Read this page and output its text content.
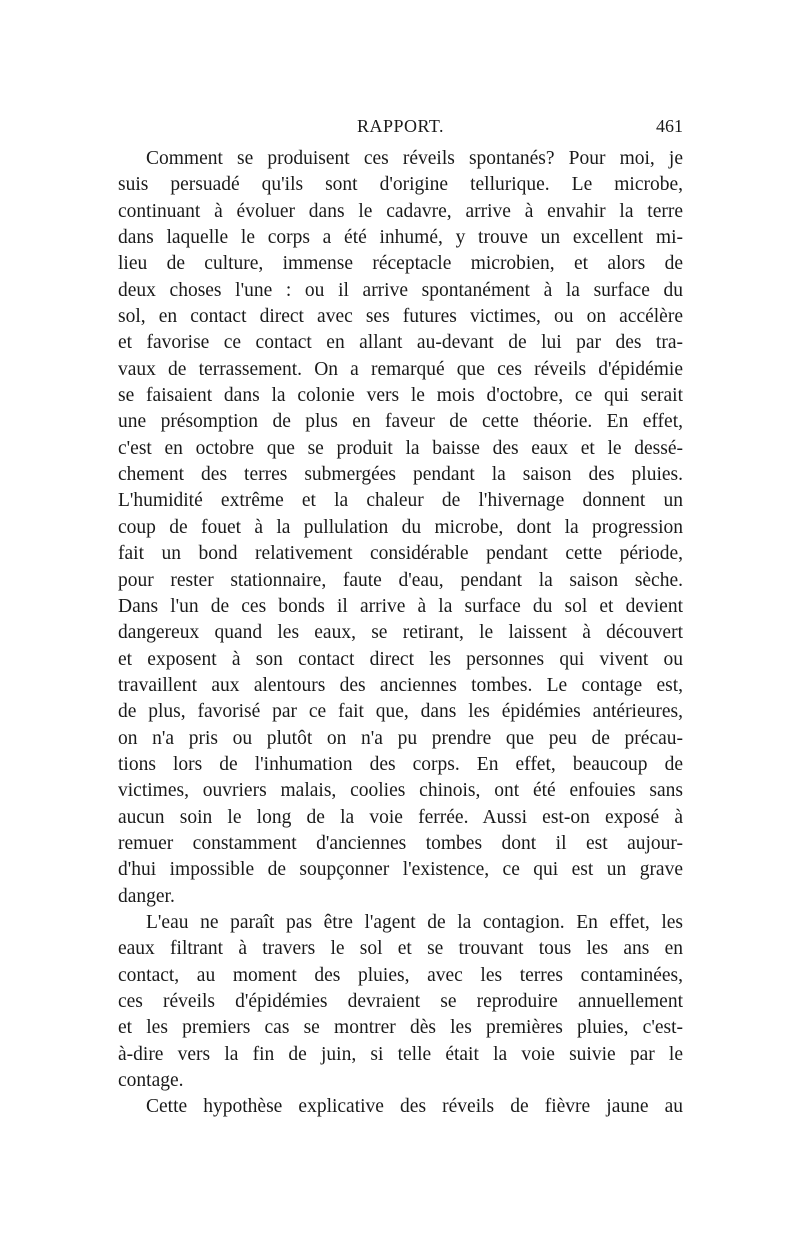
RAPPORT.	461
Comment se produisent ces réveils spontanés? Pour moi, je
suis persuadé qu'ils sont d'origine tellurique. Le microbe,
continuant à évoluer dans le cadavre, arrive à envahir la terre
dans laquelle le corps a été inhumé, y trouve un excellent mi-
lieu de culture, immense réceptacle microbien, et alors de
deux choses l'une : ou il arrive spontanément à la surface du
sol, en contact direct avec ses futures victimes, ou on accélère
et favorise ce contact en allant au-devant de lui par des tra-
vaux de terrassement. On a remarqué que ces réveils d'épidémie
se faisaient dans la colonie vers le mois d'octobre, ce qui serait
une présomption de plus en faveur de cette théorie. En effet,
c'est en octobre que se produit la baisse des eaux et le dessé-
chement des terres submergées pendant la saison des pluies.
L'humidité extrême et la chaleur de l'hivernage donnent un
coup de fouet à la pullulation du microbe, dont la progression
fait un bond relativement considérable pendant cette période,
pour rester stationnaire, faute d'eau, pendant la saison sèche.
Dans l'un de ces bonds il arrive à la surface du sol et devient
dangereux quand les eaux, se retirant, le laissent à découvert
et exposent à son contact direct les personnes qui vivent ou
travaillent aux alentours des anciennes tombes. Le contage est,
de plus, favorisé par ce fait que, dans les épidémies antérieures,
on n'a pris ou plutôt on n'a pu prendre que peu de précau-
tions lors de l'inhumation des corps. En effet, beaucoup de
victimes, ouvriers malais, coolies chinois, ont été enfouies sans
aucun soin le long de la voie ferrée. Aussi est-on exposé à
remuer constamment d'anciennes tombes dont il est aujour-
d'hui impossible de soupçonner l'existence, ce qui est un grave
danger.
L'eau ne paraît pas être l'agent de la contagion. En effet, les
eaux filtrant à travers le sol et se trouvant tous les ans en
contact, au moment des pluies, avec les terres contaminées,
ces réveils d'épidémies devraient se reproduire annuellement
et les premiers cas se montrer dès les premières pluies, c'est-
à-dire vers la fin de juin, si telle était la voie suivie par le
contage.
Cette hypothèse explicative des réveils de fièvre jaune au
